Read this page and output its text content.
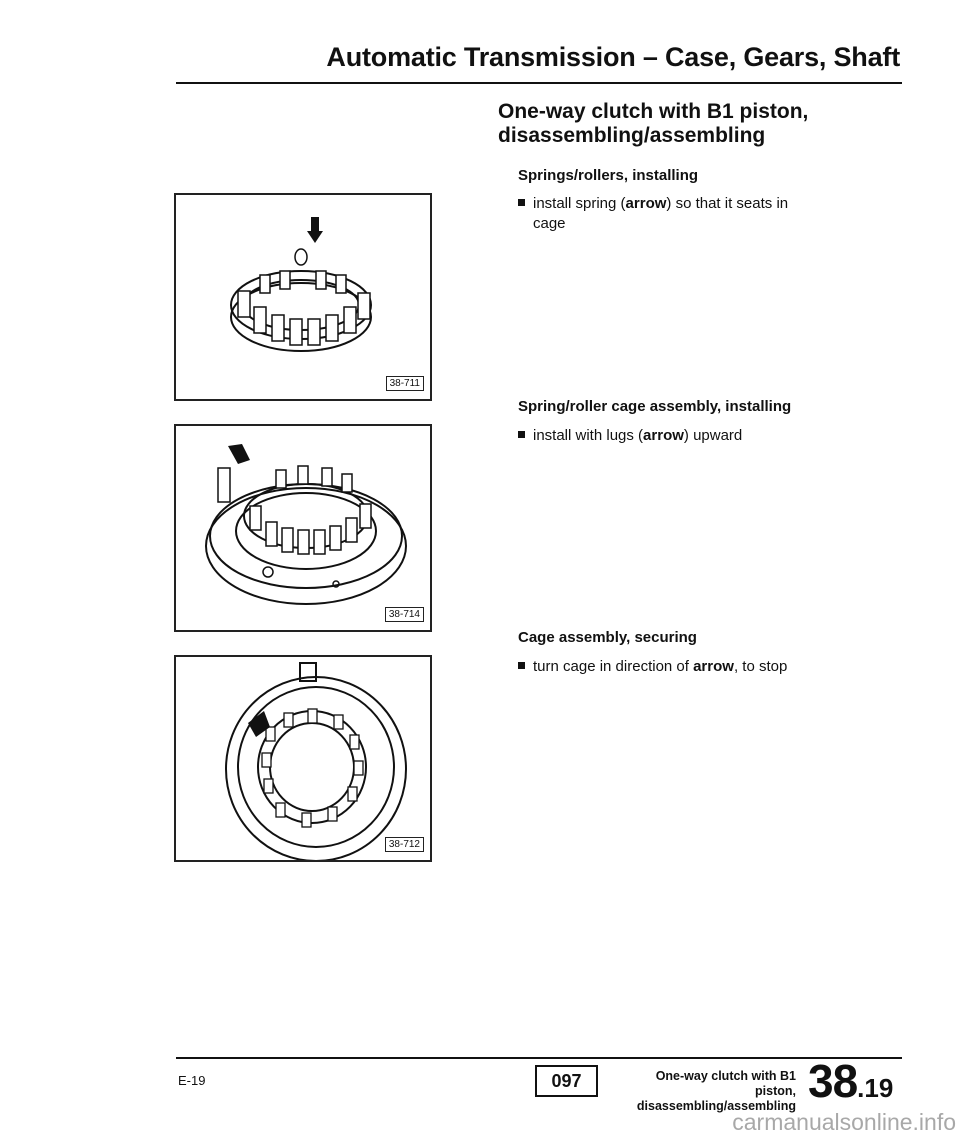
Automatic Transmission – Case, Gears, Shaft
One-way clutch with B1 piston,
disassembling/assembling
Springs/rollers, installing
install spring (arrow) so that it seats in
cage
Spring/roller cage assembly, installing
install with lugs (arrow) upward
Cage assembly, securing
turn cage in direction of arrow, to stop
38-711
38-714
38-712
E-19	097	One-way clutch with B1 piston,
disassembling/assembling 38.19
carmanualsonline.info
